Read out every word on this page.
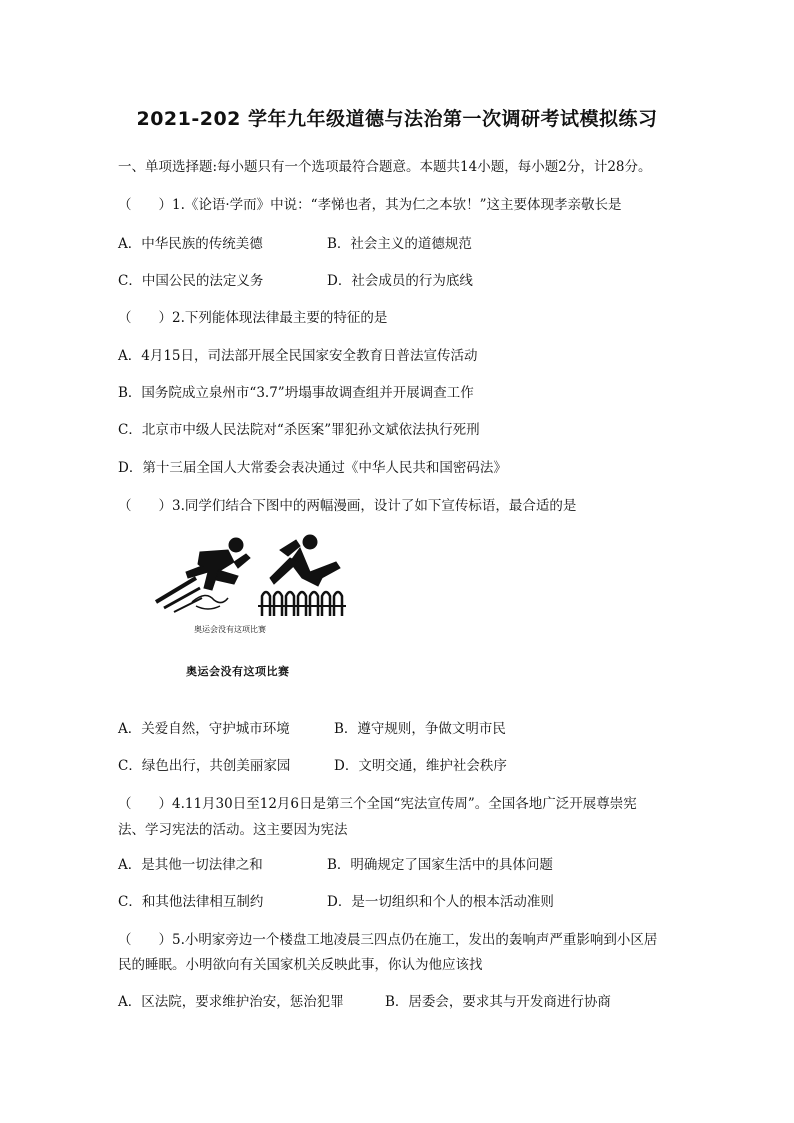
2021-202 学年九年级道德与法治第一次调研考试模拟练习
一、单项选择题:每小题只有一个选项最符合题意。本题共14小题，每小题2分，计28分。
（　　）1.《论语·学而》中说：“孝悌也者，其为仁之本欤！”这主要体现孝亲敬长是
A．中华民族的传统美德	B．社会主义的道德规范
C．中国公民的法定义务	D．社会成员的行为底线
（　　）2.下列能体现法律最主要的特征的是
A．4月15日，司法部开展全民国家安全教育日普法宣传活动
B．国务院成立泉州市“3.7”坍塌事故调查组并开展调查工作
C．北京市中级人民法院对“杀医案”罪犯孙文斌依法执行死刑
D．第十三届全国人大常委会表决通过《中华人民共和国密码法》
（　　）3.同学们结合下图中的两幅漫画，设计了如下宣传标语，最合适的是
奥运会没有这项比赛
奥运会没有这项比赛
A．关爱自然，守护城市环境	B．遵守规则，争做文明市民
C．绿色出行，共创美丽家园	D．文明交通，维护社会秩序
（　　）4.11月30日至12月6日是第三个全国“宪法宣传周”。全国各地广泛开展尊崇宪
法、学习宪法的活动。这主要因为宪法
A．是其他一切法律之和	B．明确规定了国家生活中的具体问题
C．和其他法律相互制约	D．是一切组织和个人的根本活动准则
（　　）5.小明家旁边一个楼盘工地凌晨三四点仍在施工，发出的轰响声严重影响到小区居
民的睡眠。小明欲向有关国家机关反映此事，你认为他应该找
A．区法院，要求维护治安，惩治犯罪	B．居委会，要求其与开发商进行协商
